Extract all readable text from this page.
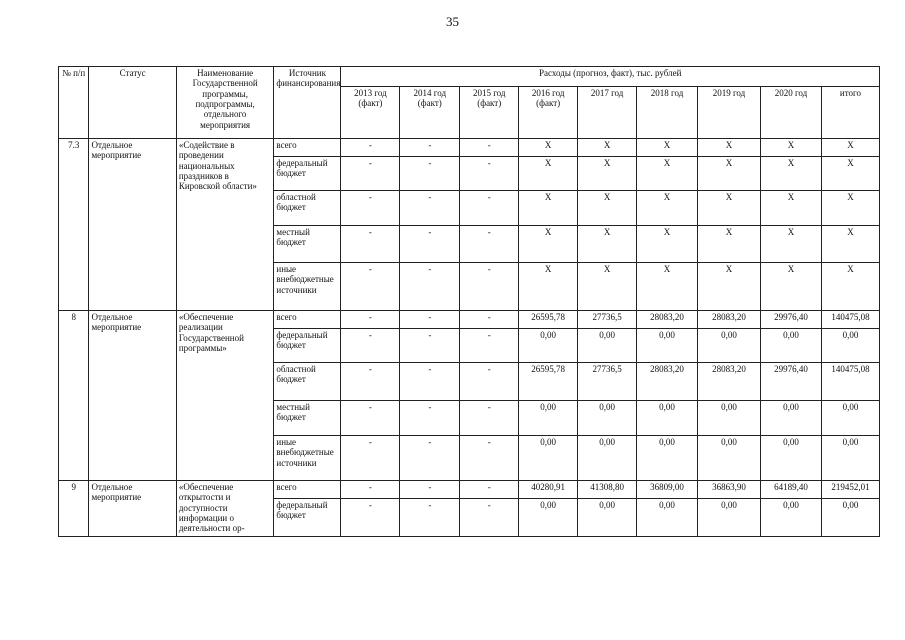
35
№ п/п	Статус	Наименование Государственной программы, подпрограммы, отдельного мероприятия	Источник финансирования	Расходы (прогноз, факт), тыс. рублей								
				2013 год (факт)	2014 год (факт)	2015 год (факт)	2016 год (факт)	2017 год	2018 год	2019 год	2020 год	итого
7.3	Отдельное мероприятие	«Содействие в проведении национальных праздников в Кировской области»	всего	-	-	-	X	X	X	X	X	X
			федеральный бюджет	-	-	-	X	X	X	X	X	X
			областной бюджет	-	-	-	X	X	X	X	X	X
			местный бюджет	-	-	-	X	X	X	X	X	X
			иные внебюджетные источники	-	-	-	X	X	X	X	X	X
8	Отдельное мероприятие	«Обеспечение реализации Государственной программы»	всего	-	-	-	26595,78	27736,5	28083,20	28083,20	29976,40	140475,08
			федеральный бюджет	-	-	-	0,00	0,00	0,00	0,00	0,00	0,00
			областной бюджет	-	-	-	26595,78	27736,5	28083,20	28083,20	29976,40	140475,08
			местный бюджет	-	-	-	0,00	0,00	0,00	0,00	0,00	0,00
			иные внебюджетные источники	-	-	-	0,00	0,00	0,00	0,00	0,00	0,00
9	Отдельное мероприятие	«Обеспечение открытости и доступности информации о деятельности ор-	всего	-	-	-	40280,91	41308,80	36809,00	36863,90	64189,40	219452,01
			федеральный бюджет	-	-	-	0,00	0,00	0,00	0,00	0,00	0,00
